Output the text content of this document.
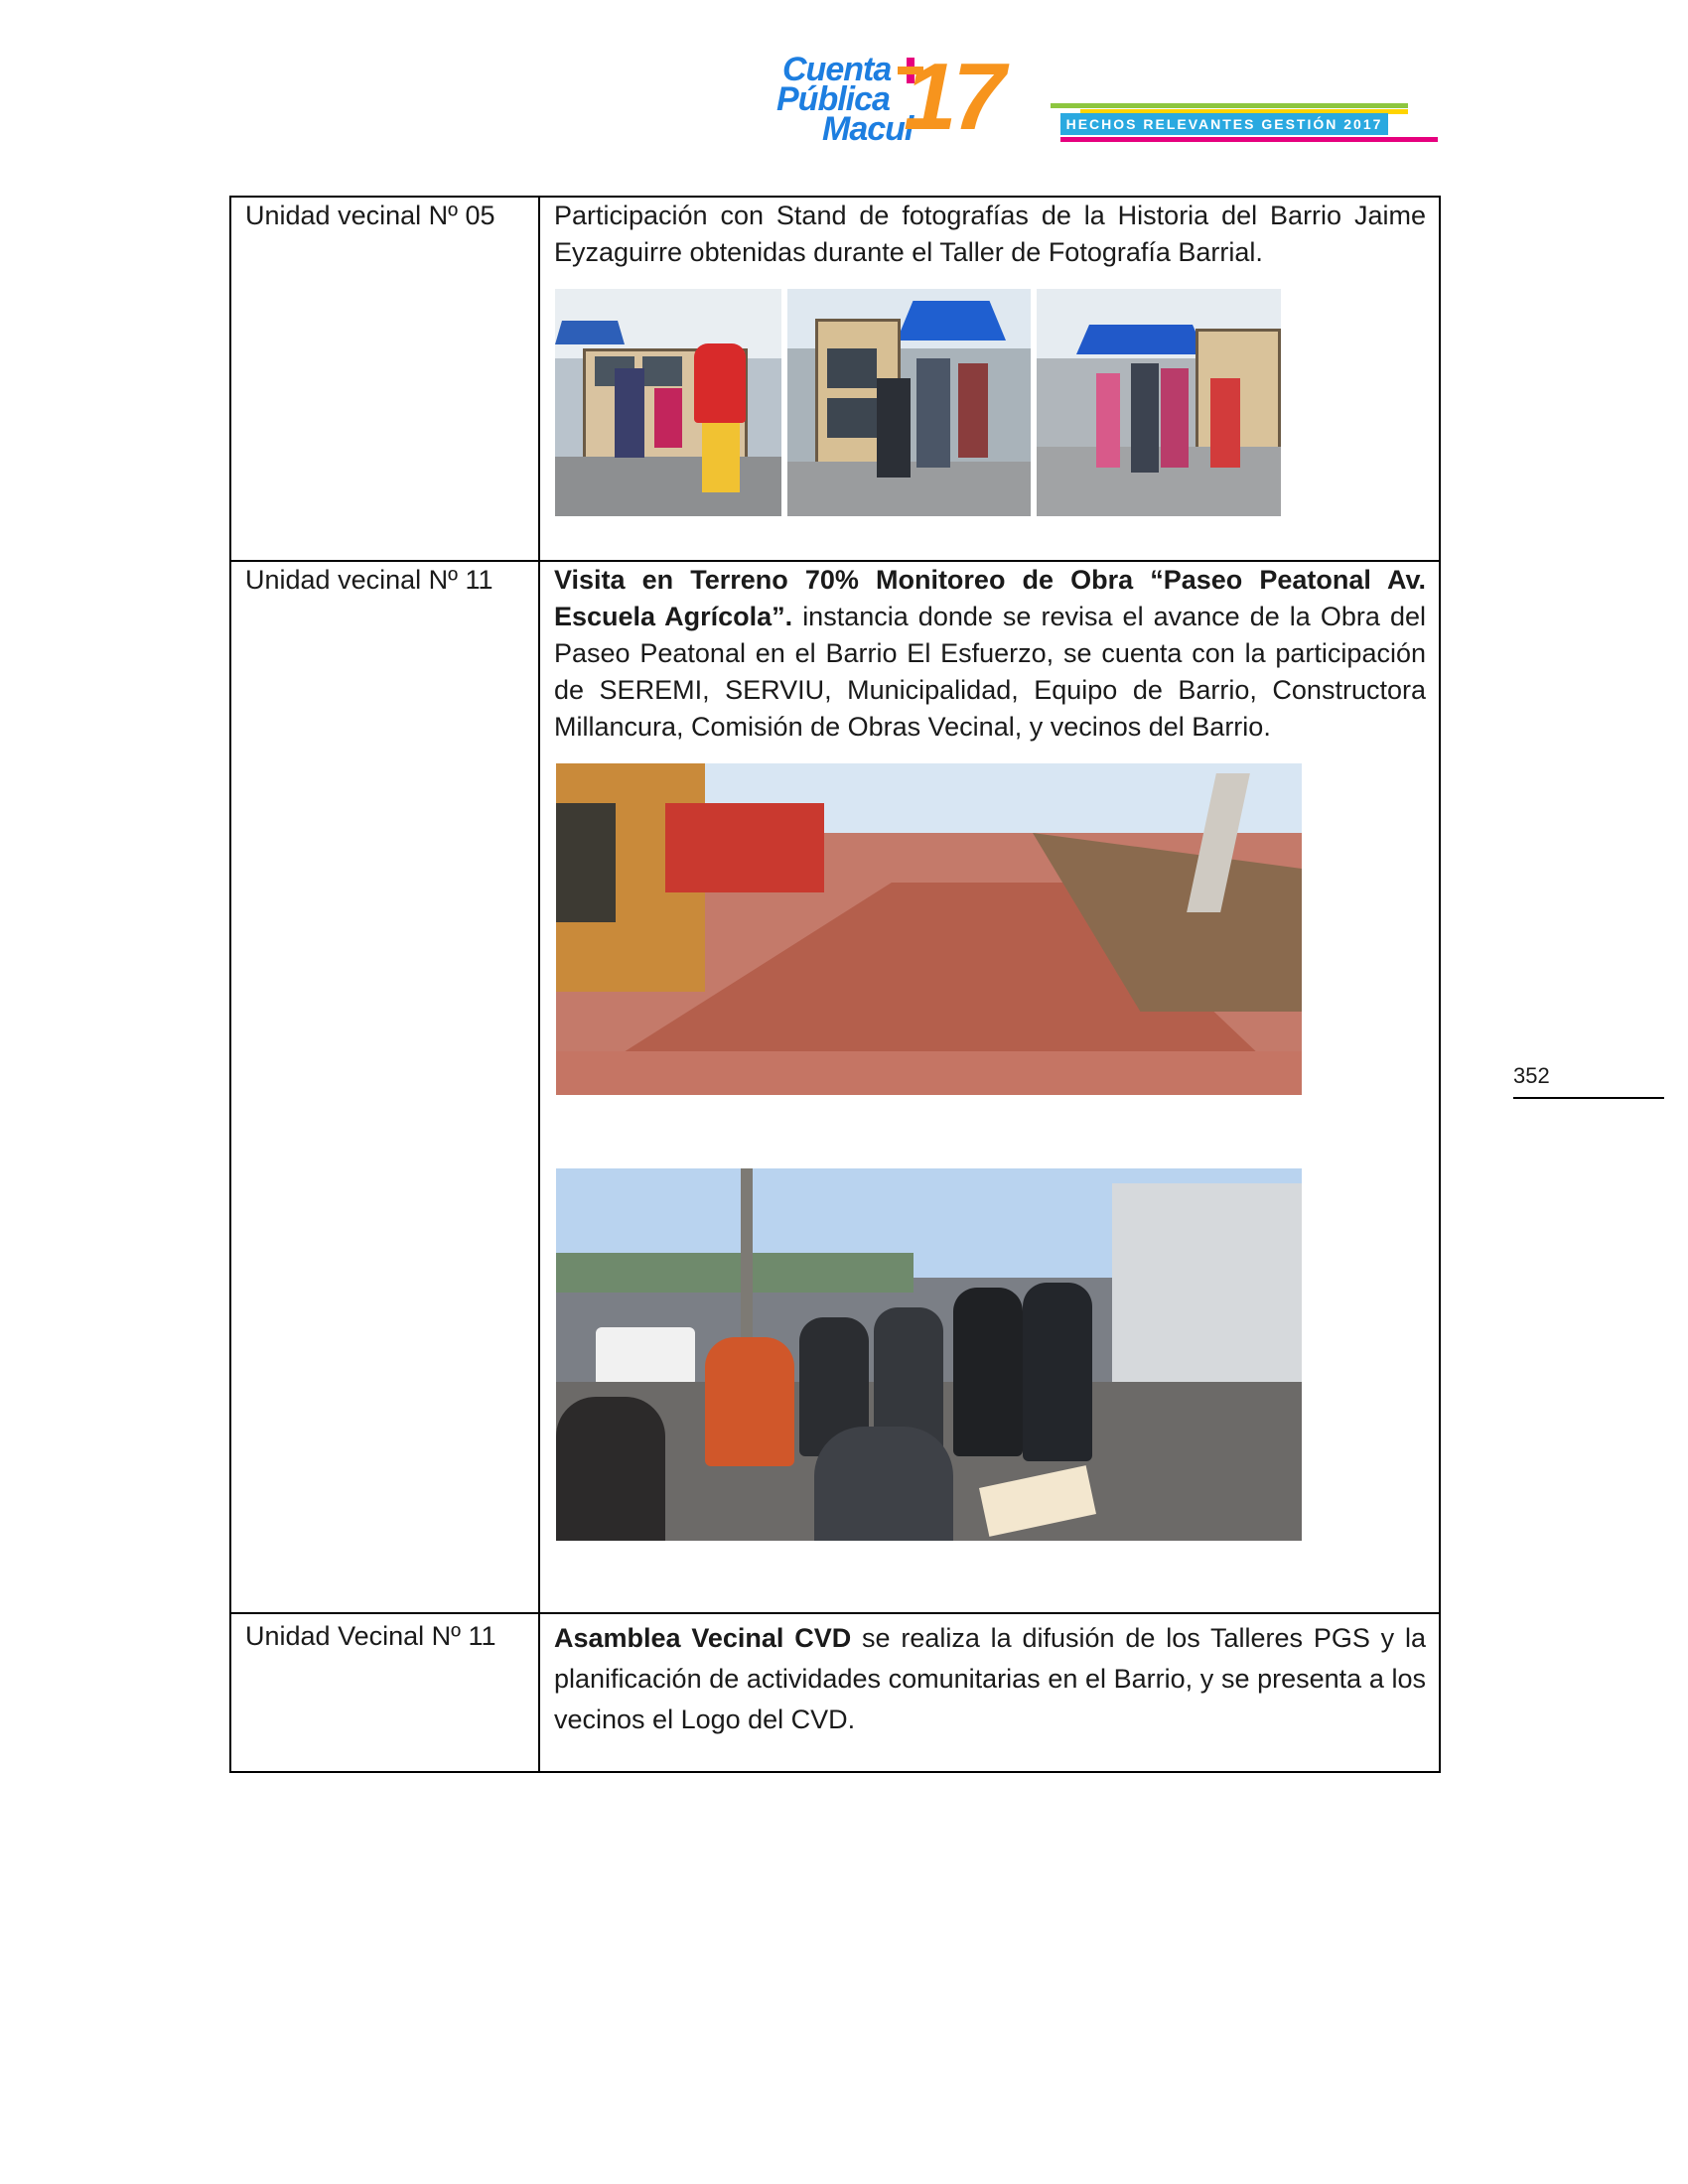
Cuenta
Pública
Macul
17	HECHOS RELEVANTES GESTIÓN 2017
Unidad vecinal Nº 05	Participación con Stand de fotografías de la Historia del Barrio Jaime Eyzaguirre obtenidas durante el Taller de Fotografía Barrial.

Unidad vecinal Nº 11	Visita en Terreno 70% Monitoreo de Obra “Paseo Peatonal Av. Escuela Agrícola”. instancia donde se revisa el avance de la Obra del Paseo Peatonal en el Barrio El Esfuerzo, se cuenta con la participación de SEREMI, SERVIU, Municipalidad, Equipo de Barrio, Constructora Millancura, Comisión de Obras Vecinal, y vecinos del Barrio.

Unidad Vecinal Nº 11	Asamblea Vecinal CVD se realiza la difusión de los Talleres PGS y la planificación de actividades comunitarias en el Barrio, y se presenta a los vecinos el Logo del CVD.

352
